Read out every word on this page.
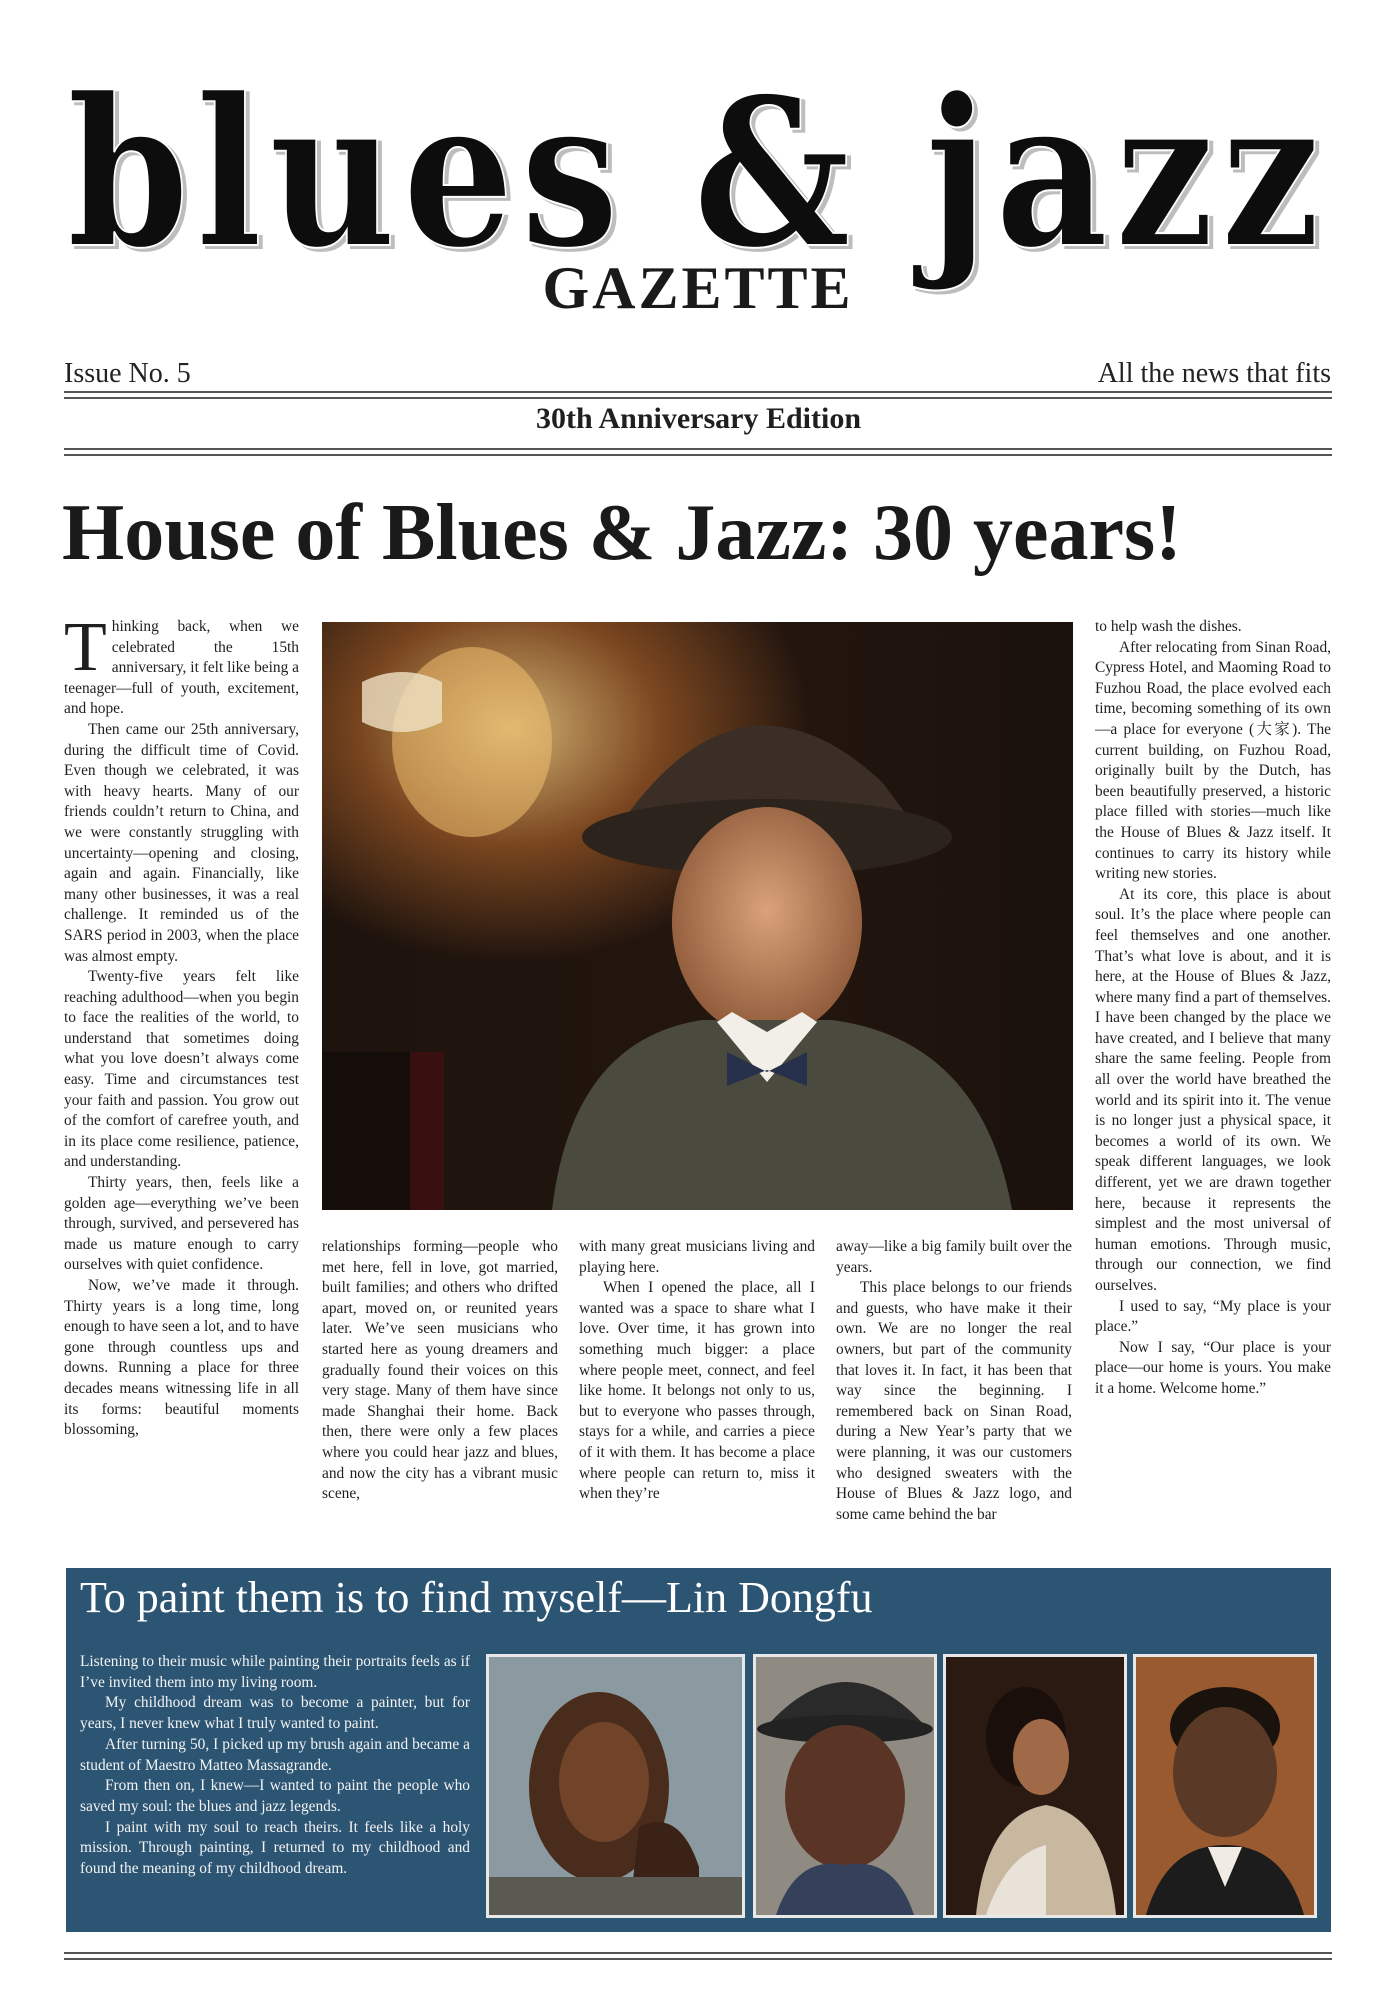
blues & jazz
GAZETTE
Issue No. 5	All the news that fits
30th Anniversary Edition
House of Blues & Jazz: 30 years!

Thinking back, when we celebrated the 15th anniversary, it felt like being a teenager—full of youth, excitement, and hope.

Then came our 25th anniversary, during the difficult time of Covid. Even though we celebrated, it was with heavy hearts. Many of our friends couldn’t return to China, and we were constantly struggling with uncertainty—opening and closing, again and again. Financially, like many other businesses, it was a real challenge. It reminded us of the SARS period in 2003, when the place was almost empty.

Twenty-five years felt like reaching adulthood—when you begin to face the realities of the world, to understand that sometimes doing what you love doesn’t always come easy. Time and circumstances test your faith and passion. You grow out of the comfort of carefree youth, and in its place come resilience, patience, and understanding.

Thirty years, then, feels like a golden age—everything we’ve been through, survived, and persevered has made us mature enough to carry ourselves with quiet confidence.

Now, we’ve made it through. Thirty years is a long time, long enough to have seen a lot, and to have gone through countless ups and downs. Running a place for three decades means witnessing life in all its forms: beautiful moments blossoming,

relationships forming—people who met here, fell in love, got married, built families; and others who drifted apart, moved on, or reunited years later. We’ve seen musicians who started here as young dreamers and gradually found their voices on this very stage. Many of them have since made Shanghai their home. Back then, there were only a few places where you could hear jazz and blues, and now the city has a vibrant music scene,

with many great musicians living and playing here.

When I opened the place, all I wanted was a space to share what I love. Over time, it has grown into something much bigger: a place where people meet, connect, and feel like home. It belongs not only to us, but to everyone who passes through, stays for a while, and carries a piece of it with them. It has become a place where people can return to, miss it when they’re

away—like a big family built over the years.

This place belongs to our friends and guests, who have make it their own. We are no longer the real owners, but part of the community that loves it. In fact, it has been that way since the beginning. I remembered back on Sinan Road, during a New Year’s party that we were planning, it was our customers who designed sweaters with the House of Blues & Jazz logo, and some came behind the bar

to help wash the dishes.

After relocating from Sinan Road, Cypress Hotel, and Maoming Road to Fuzhou Road, the place evolved each time, becoming something of its own—a place for everyone (大家). The current building, on Fuzhou Road, originally built by the Dutch, has been beautifully preserved, a historic place filled with stories—much like the House of Blues & Jazz itself. It continues to carry its history while writing new stories.

At its core, this place is about soul. It’s the place where people can feel themselves and one another. That’s what love is about, and it is here, at the House of Blues & Jazz, where many find a part of themselves. I have been changed by the place we have created, and I believe that many share the same feeling. People from all over the world have breathed the world and its spirit into it. The venue is no longer just a physical space, it becomes a world of its own. We speak different languages, we look different, yet we are drawn together here, because it represents the simplest and the most universal of human emotions. Through music, through our connection, we find ourselves.

I used to say, “My place is your place.”

Now I say, “Our place is your place—our home is yours. You make it a home. Welcome home.”

To paint them is to find myself—Lin Dongfu

Listening to their music while painting their portraits feels as if I’ve invited them into my living room.

My childhood dream was to become a painter, but for years, I never knew what I truly wanted to paint.

After turning 50, I picked up my brush again and became a student of Maestro Matteo Massagrande.

From then on, I knew—I wanted to paint the people who saved my soul: the blues and jazz legends.

I paint with my soul to reach theirs. It feels like a holy mission. Through painting, I returned to my childhood and found the meaning of my childhood dream.
